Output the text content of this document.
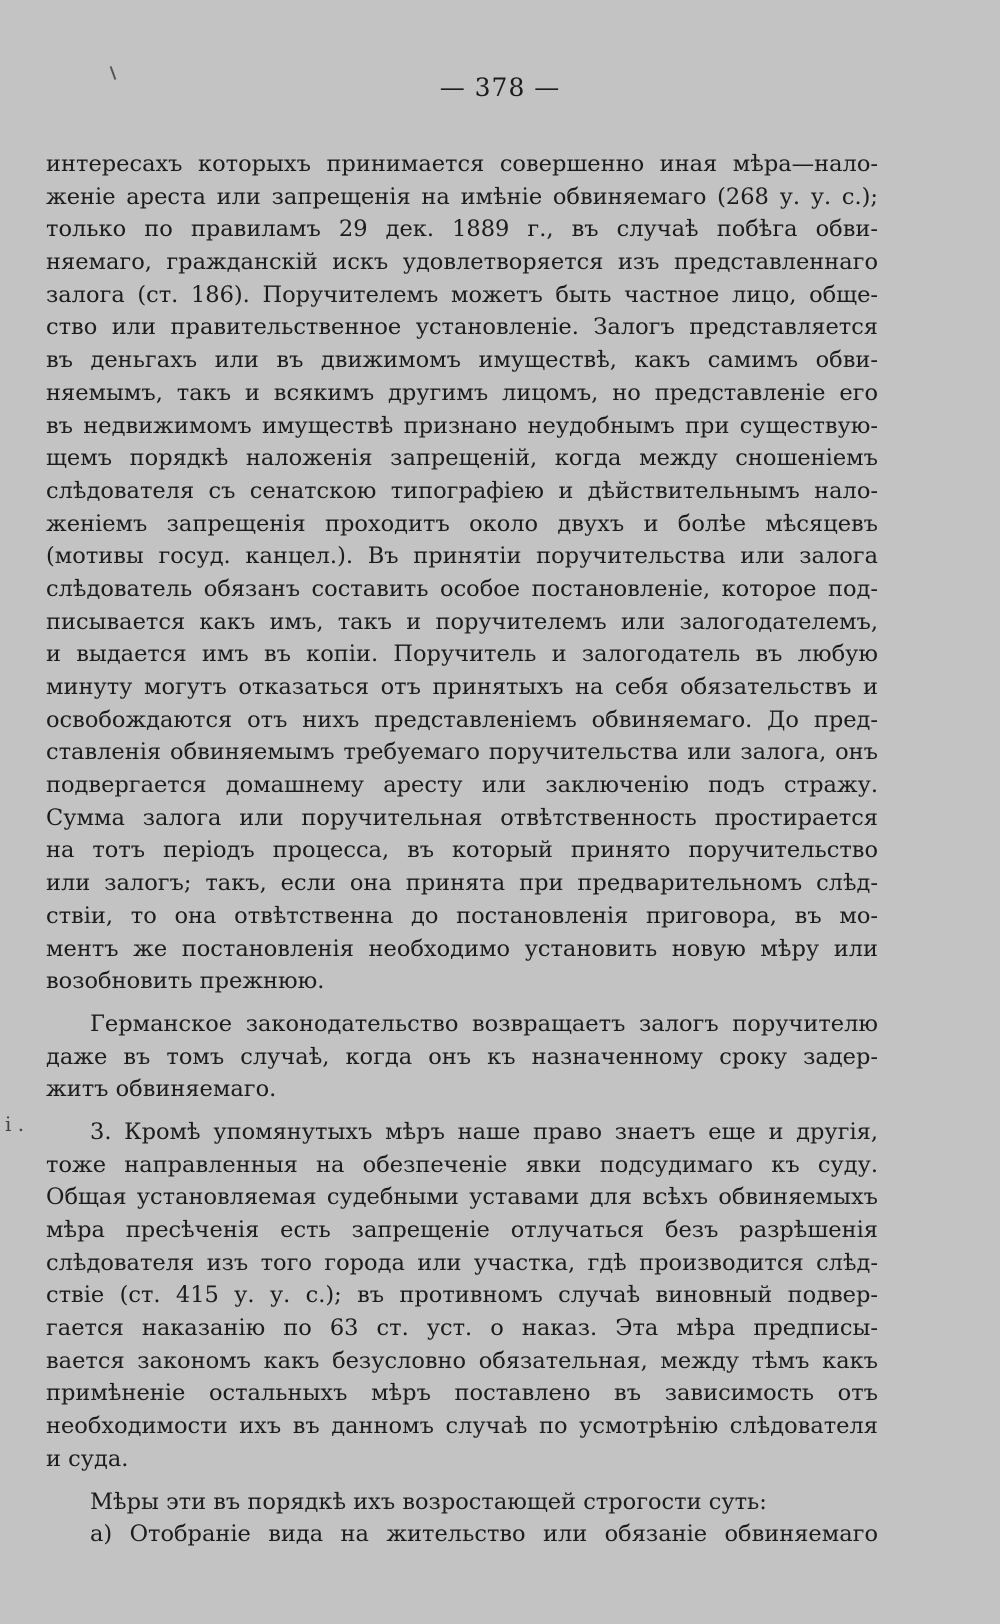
— 378 —
i .
интересахъ которыхъ принимается совершенно иная мѣра—нало-
женіе ареста или запрещенія на имѣніе обвиняемаго (268 у. у. с.);
только по правиламъ 29 дек. 1889 г., въ случаѣ побѣга обви-
няемаго, гражданскій искъ удовлетворяется изъ представленнаго
залога (ст. 186). Поручителемъ можетъ быть частное лицо, обще-
ство или правительственное установленіе. Залогъ представляется
въ деньгахъ или въ движимомъ имуществѣ, какъ самимъ обви-
няемымъ, такъ и всякимъ другимъ лицомъ, но представленіе его
въ недвижимомъ имуществѣ признано неудобнымъ при существую-
щемъ порядкѣ наложенія запрещеній, когда между сношеніемъ
слѣдователя съ сенатскою типографіею и дѣйствительнымъ нало-
женіемъ запрещенія проходитъ около двухъ и болѣе мѣсяцевъ
(мотивы госуд. канцел.). Въ принятіи поручительства или залога
слѣдователь обязанъ составить особое постановленіе, которое под-
писывается какъ имъ, такъ и поручителемъ или залогодателемъ,
и выдается имъ въ копіи. Поручитель и залогодатель въ любую
минуту могутъ отказаться отъ принятыхъ на себя обязательствъ и
освобождаются отъ нихъ представленіемъ обвиняемаго. До пред-
ставленія обвиняемымъ требуемаго поручительства или залога, онъ
подвергается домашнему аресту или заключенію подъ стражу.
Сумма залога или поручительная отвѣтственность простирается
на тотъ періодъ процесса, въ который принято поручительство
или залогъ; такъ, если она принята при предварительномъ слѣд-
ствіи, то она отвѣтственна до постановленія приговора, въ мо-
ментъ же постановленія необходимо установить новую мѣру или
возобновить прежнюю.
Германское законодательство возвращаетъ залогъ поручителю
даже въ томъ случаѣ, когда онъ къ назначенному сроку задер-
житъ обвиняемаго.
3. Кромѣ упомянутыхъ мѣръ наше право знаетъ еще и другія,
тоже направленныя на обезпеченіе явки подсудимаго къ суду.
Общая установляемая судебными уставами для всѣхъ обвиняемыхъ
мѣра пресѣченія есть запрещеніе отлучаться безъ разрѣшенія
слѣдователя изъ того города или участка, гдѣ производится слѣд-
ствіе (ст. 415 у. у. с.); въ противномъ случаѣ виновный подвер-
гается наказанію по 63 ст. уст. о наказ. Эта мѣра предписы-
вается закономъ какъ безусловно обязательная, между тѣмъ какъ
примѣненіе остальныхъ мѣръ поставлено въ зависимость отъ
необходимости ихъ въ данномъ случаѣ по усмотрѣнію слѣдователя
и суда.
Мѣры эти въ порядкѣ ихъ возростающей строгости суть:
а) Отобраніе вида на жительство или обязаніе обвиняемаго
